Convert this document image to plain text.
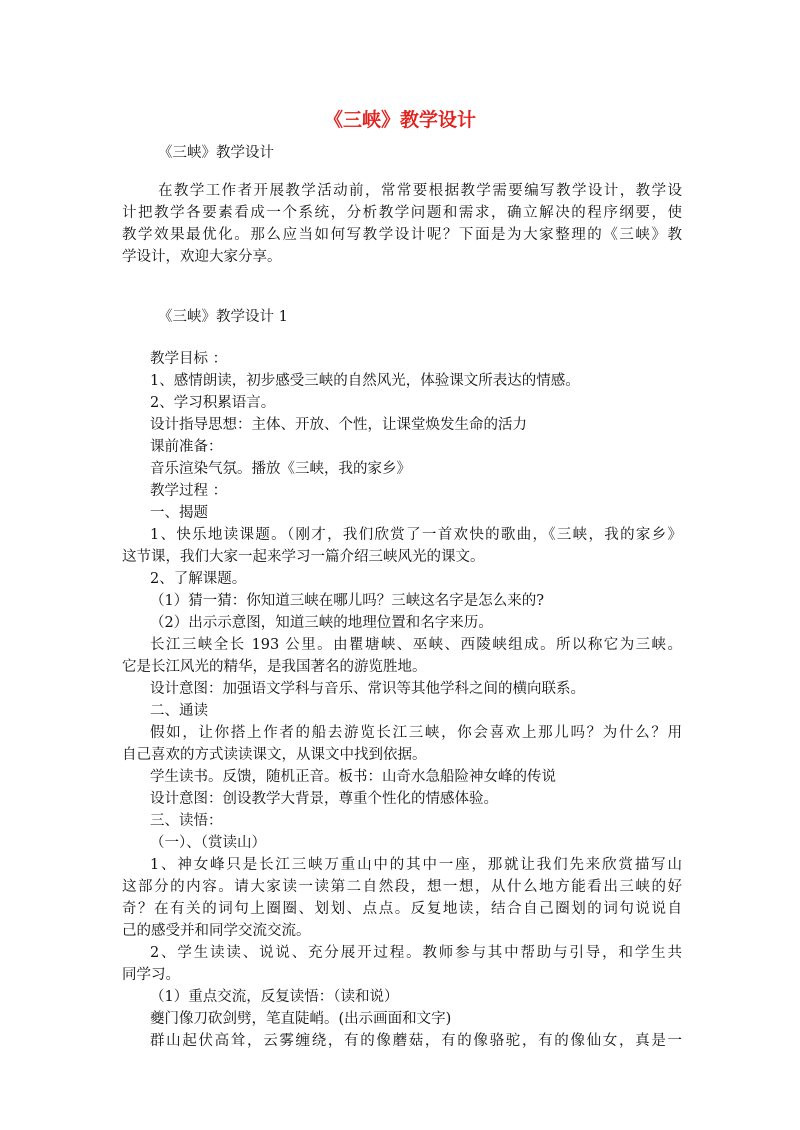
《三峡》教学设计
《三峡》教学设计
在教学工作者开展教学活动前，常常要根据教学需要编写教学设计，教学设
计把教学各要素看成一个系统，分析教学问题和需求，确立解决的程序纲要，使
教学效果最优化。那么应当如何写教学设计呢？下面是为大家整理的《三峡》教
学设计，欢迎大家分享。
《三峡》教学设计 1
教学目标 ：
1、感情朗读，初步感受三峡的自然风光，体验课文所表达的情感。
2、学习积累语言。
设计指导思想：主体、开放、个性，让课堂焕发生命的活力
课前准备：
音乐渲染气氛。播放《三峡，我的家乡》
教学过程 ：
一、揭题
1、快乐地读课题。（刚才，我们欣赏了一首欢快的歌曲，《三峡，我的家乡》
这节课，我们大家一起来学习一篇介绍三峡风光的课文。
2、了解课题。
（1）猜一猜：你知道三峡在哪儿吗？三峡这名字是怎么来的?
（2）出示示意图，知道三峡的地理位置和名字来历。
长江三峡全长 193 公里。由瞿塘峡、巫峡、西陵峡组成。所以称它为三峡。
它是长江风光的精华，是我国著名的游览胜地。
设计意图：加强语文学科与音乐、常识等其他学科之间的横向联系。
二、通读
假如，让你搭上作者的船去游览长江三峡，你会喜欢上那儿吗？为什么？用
自己喜欢的方式读读课文，从课文中找到依据。
学生读书。反馈，随机正音。板书：山奇水急船险神女峰的传说
设计意图：创设教学大背景，尊重个性化的情感体验。
三、读悟：
（一）、（赏读山）
1、神女峰只是长江三峡万重山中的其中一座，那就让我们先来欣赏描写山
这部分的内容。请大家读一读第二自然段，想一想，从什么地方能看出三峡的好
奇？在有关的词句上圈圈、划划、点点。反复地读，结合自己圈划的词句说说自
己的感受并和同学交流交流。
2、学生读读、说说、充分展开过程。教师参与其中帮助与引导，和学生共
同学习。
（1）重点交流，反复读悟：（读和说）
夔门像刀砍剑劈，笔直陡峭。(出示画面和文字)
群山起伏高耸，云雾缠绕，有的像蘑菇，有的像骆驼，有的像仙女，真是一
